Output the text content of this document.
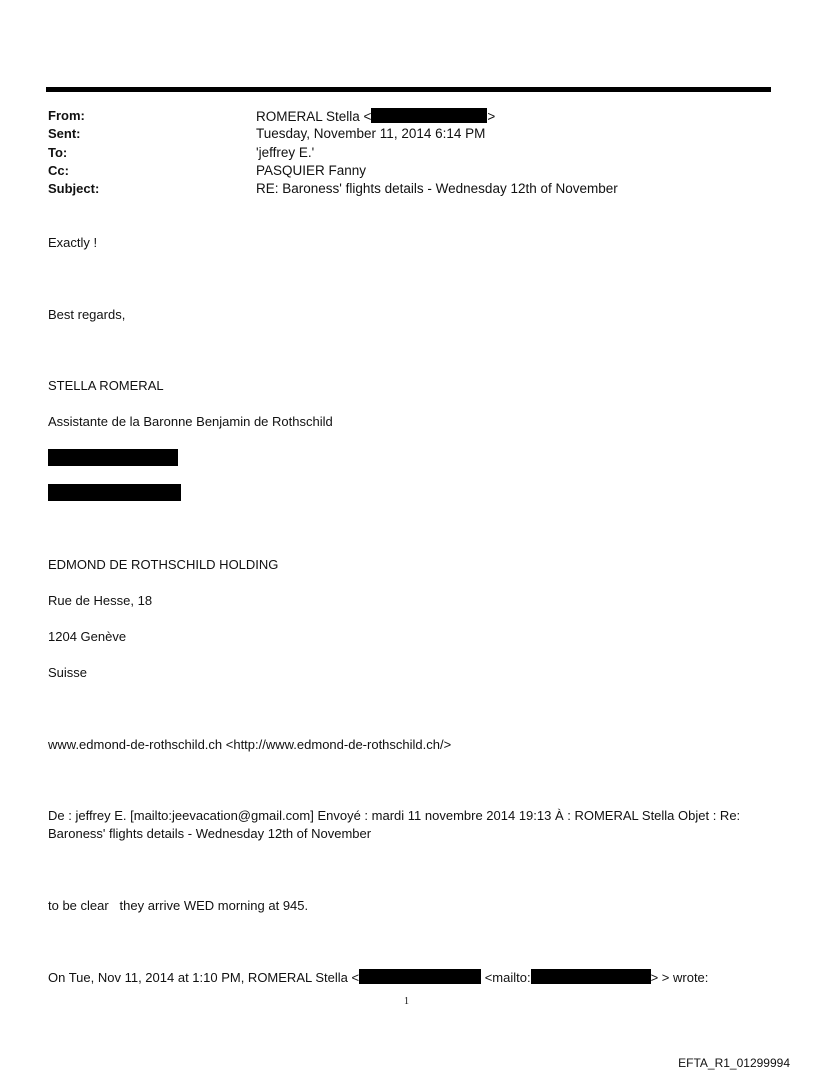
From:	ROMERAL Stella <	>
Sent:	Tuesday, November 11, 2014 6:14 PM
To:	'jeffrey E.'
Cc:	PASQUIER Fanny
Subject:	RE: Baroness' flights details - Wednesday 12th of November
Exactly !
Best regards,
STELLA ROMERAL
Assistante de la Baronne Benjamin de Rothschild
EDMOND DE ROTHSCHILD HOLDING
Rue de Hesse, 18
1204 Genève
Suisse
www.edmond-de-rothschild.ch <http://www.edmond-de-rothschild.ch/>
De : jeffrey E. [mailto:jeevacation@gmail.com] Envoyé : mardi 11 novembre 2014 19:13 À : ROMERAL Stella Objet : Re:
Baroness' flights details - Wednesday 12th of November
to be clear   they arrive WED morning at 945.
On Tue, Nov 11, 2014 at 1:10 PM, ROMERAL Stella <	<mailto:	> > wrote:
1
EFTA_R1_01299994
